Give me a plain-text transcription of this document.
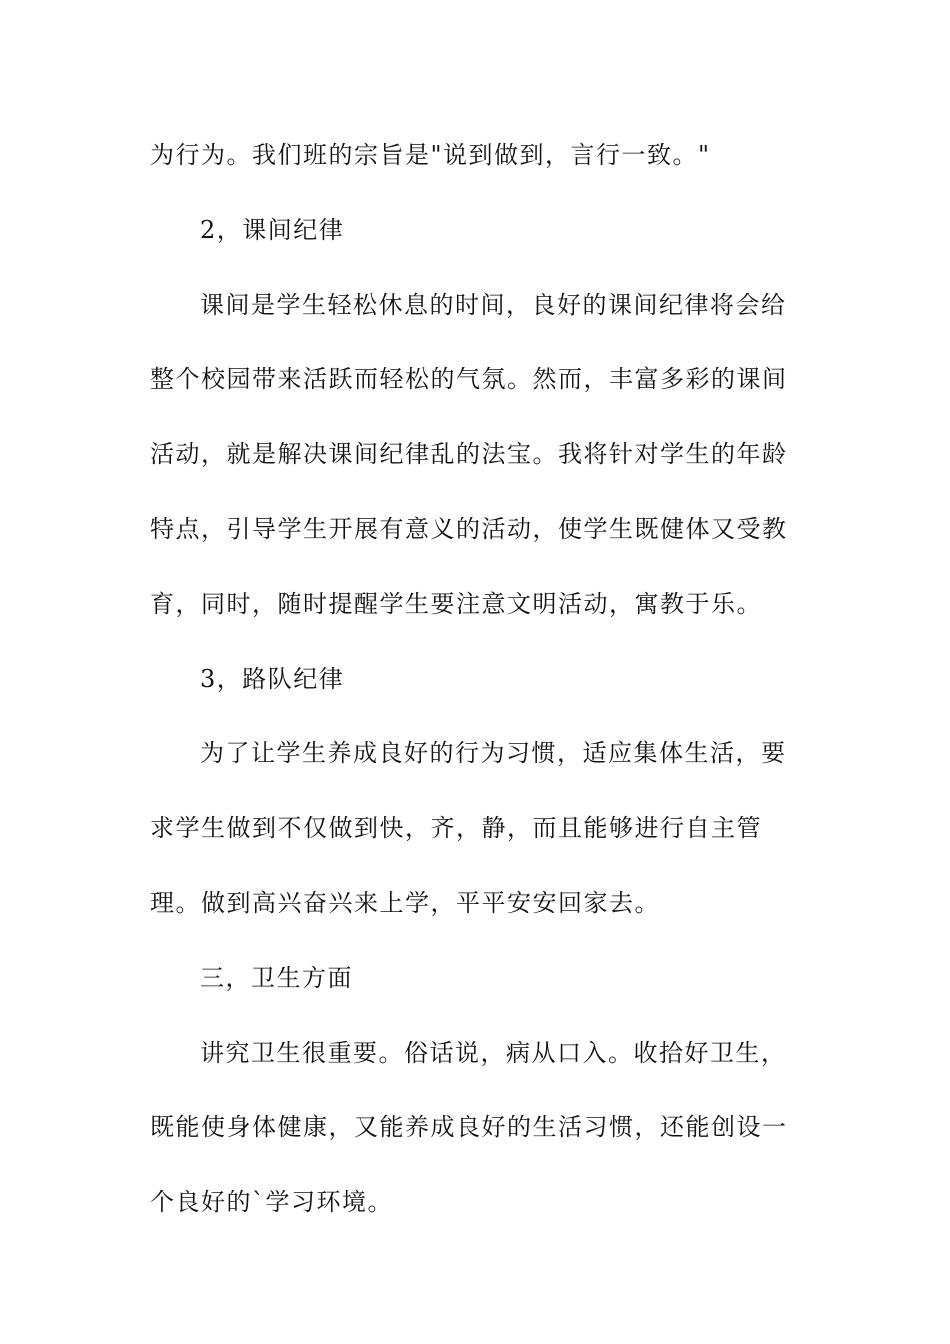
为行为。我们班的宗旨是"说到做到，言行一致。"
2，课间纪律
课间是学生轻松休息的时间，良好的课间纪律将会给
整个校园带来活跃而轻松的气氛。然而，丰富多彩的课间
活动，就是解决课间纪律乱的法宝。我将针对学生的年龄
特点，引导学生开展有意义的活动，使学生既健体又受教
育，同时，随时提醒学生要注意文明活动，寓教于乐。
3，路队纪律
为了让学生养成良好的行为习惯，适应集体生活，要
求学生做到不仅做到快，齐，静，而且能够进行自主管
理。做到高兴奋兴来上学，平平安安回家去。
三，卫生方面
讲究卫生很重要。俗话说，病从口入。收拾好卫生，
既能使身体健康，又能养成良好的生活习惯，还能创设一
个良好的`学习环境。
